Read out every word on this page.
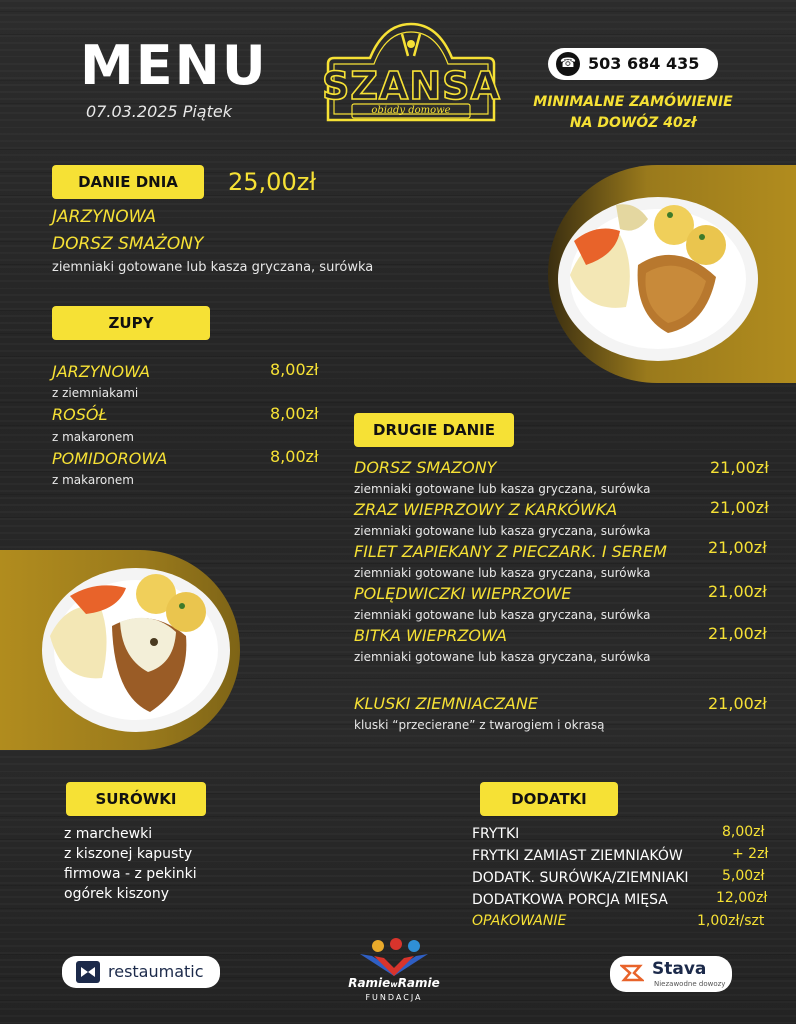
MENU
07.03.2025 Piątek
SZANSA
obiady domowe
☎ 503 684 435
MINIMALNE ZAMÓWIENIE
NA DOWÓZ 40zł
DANIE DNIA	25,00zł
JARZYNOWA
DORSZ SMAŻONY
ziemniaki gotowane lub kasza gryczana, surówka
ZUPY
JARZYNOWA	8,00zł
z ziemniakami
ROSÓŁ	8,00zł
z makaronem
POMIDOROWA	8,00zł
z makaronem
DRUGIE DANIE
DORSZ SMAZONY	21,00zł
ziemniaki gotowane lub kasza gryczana, surówka
ZRAZ WIEPRZOWY Z KARKÓWKA	21,00zł
ziemniaki gotowane lub kasza gryczana, surówka
FILET ZAPIEKANY Z PIECZARK. I SEREM	21,00zł
ziemniaki gotowane lub kasza gryczana, surówka
POLĘDWICZKI WIEPRZOWE	21,00zł
ziemniaki gotowane lub kasza gryczana, surówka
BITKA WIEPRZOWA	21,00zł
ziemniaki gotowane lub kasza gryczana, surówka
KLUSKI ZIEMNIACZANE	21,00zł
kluski “przecierane” z twarogiem i okrasą
SURÓWKI
z marchewki
z kiszonej kapusty
firmowa - z pekinki
ogórek kiszony
DODATKI
FRYTKI	8,00zł
FRYTKI ZAMIAST ZIEMNIAKÓW	+ 2zł
DODATK. SURÓWKA/ZIEMNIAKI 5,00zł
DODATKOWA PORCJA MIĘSA	12,00zł
OPAKOWANIE	1,00zł/szt
restaumatic
RamiewRamie
FUNDACJA
Stava
Niezawodne dowozy
